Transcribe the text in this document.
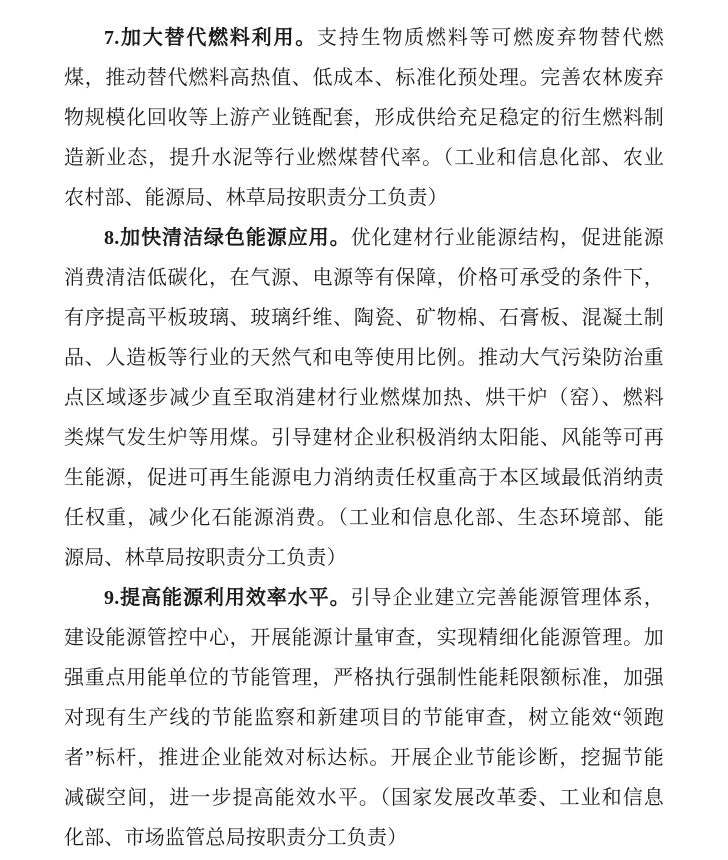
7.加大替代燃料利用。支持生物质燃料等可燃废弃物替代燃
煤，推动替代燃料高热值、低成本、标准化预处理。完善农林废弃
物规模化回收等上游产业链配套，形成供给充足稳定的衍生燃料制
造新业态，提升水泥等行业燃煤替代率。（工业和信息化部、农业
农村部、能源局、林草局按职责分工负责）
8.加快清洁绿色能源应用。优化建材行业能源结构，促进能源
消费清洁低碳化，在气源、电源等有保障，价格可承受的条件下，
有序提高平板玻璃、玻璃纤维、陶瓷、矿物棉、石膏板、混凝土制
品、人造板等行业的天然气和电等使用比例。推动大气污染防治重
点区域逐步减少直至取消建材行业燃煤加热、烘干炉（窑）、燃料
类煤气发生炉等用煤。引导建材企业积极消纳太阳能、风能等可再
生能源，促进可再生能源电力消纳责任权重高于本区域最低消纳责
任权重，减少化石能源消费。（工业和信息化部、生态环境部、能
源局、林草局按职责分工负责）
9.提高能源利用效率水平。引导企业建立完善能源管理体系，
建设能源管控中心，开展能源计量审查，实现精细化能源管理。加
强重点用能单位的节能管理，严格执行强制性能耗限额标准，加强
对现有生产线的节能监察和新建项目的节能审查，树立能效“领跑
者”标杆，推进企业能效对标达标。开展企业节能诊断，挖掘节能
减碳空间，进一步提高能效水平。（国家发展改革委、工业和信息
化部、市场监管总局按职责分工负责）
